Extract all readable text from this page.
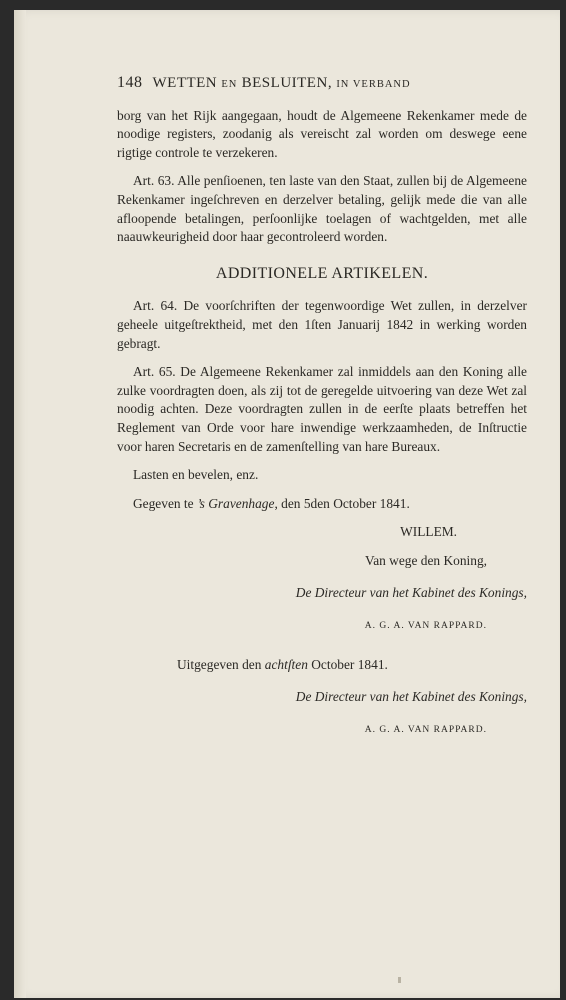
148 WETTEN EN BESLUITEN, IN VERBAND

borg van het Rijk aangegaan, houdt de Algemeene Rekenkamer mede de noodige registers, zoodanig als vereischt zal worden om deswege eene rigtige controle te verzekeren.

Art. 63. Alle penſioenen, ten laste van den Staat, zullen bij de Algemeene Rekenkamer ingeſchreven en derzelver betaling, gelijk mede die van alle afloopende betalingen, perſoonlijke toelagen of wachtgelden, met alle naauwkeurigheid door haar gecontroleerd worden.

ADDITIONELE ARTIKELEN.

Art. 64. De voorſchriften der tegenwoordige Wet zullen, in derzelver geheele uitgeſtrektheid, met den 1ſten Januarij 1842 in werking worden gebragt.

Art. 65. De Algemeene Rekenkamer zal inmiddels aan den Koning alle zulke voordragten doen, als zij tot de geregelde uitvoering van deze Wet zal noodig achten. Deze voordragten zullen in de eerſte plaats betreffen het Reglement van Orde voor hare inwendige werkzaamheden, de Inſtructie voor haren Secretaris en de zamenſtelling van hare Bureaux.

Lasten en bevelen, enz.

Gegeven te ’s Gravenhage, den 5den October 1841.

WILLEM.

Van wege den Koning,

De Directeur van het Kabinet des Konings,

A. G. A. VAN RAPPARD.

Uitgegeven den achtſten October 1841.

De Directeur van het Kabinet des Konings,

A. G. A. VAN RAPPARD.
